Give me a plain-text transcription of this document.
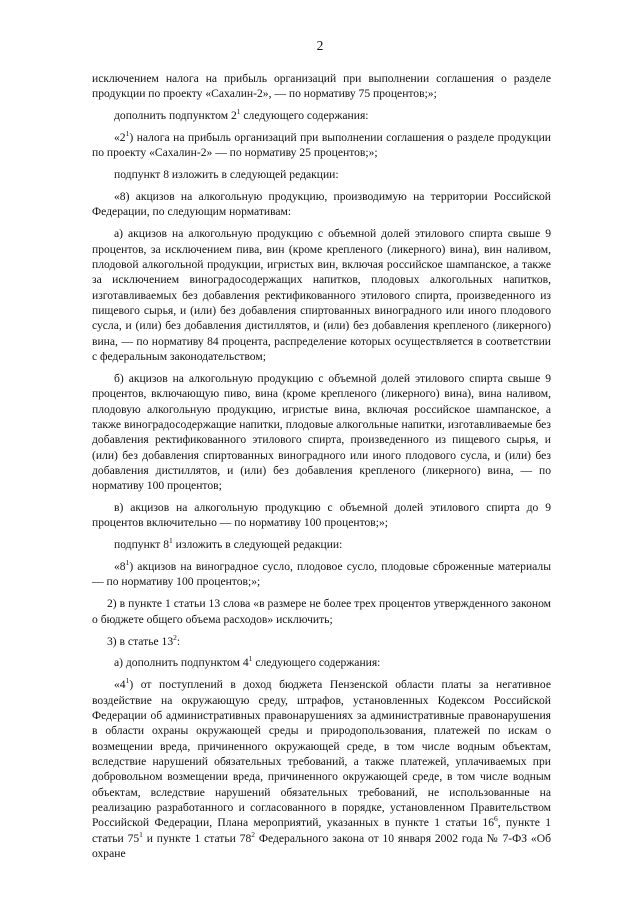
2

исключением налога на прибыль организаций при выполнении соглашения о разделе продукции по проекту «Сахалин-2», — по нормативу 75 процентов;»;

дополнить подпунктом $2^1$ следующего содержания:

«$2^1$) налога на прибыль организаций при выполнении соглашения о разделе продукции по проекту «Сахалин-2» — по нормативу 25 процентов;»;

подпункт 8 изложить в следующей редакции:

«8) акцизов на алкогольную продукцию, производимую на территории Российской Федерации, по следующим нормативам:

а) акцизов на алкогольную продукцию с объемной долей этилового спирта свыше 9 процентов, за исключением пива, вин (кроме крепленого (ликерного) вина), вин наливом, плодовой алкогольной продукции, игристых вин, включая российское шампанское, а также за исключением виноградосодержащих напитков, плодовых алкогольных напитков, изготавливаемых без добавления ректификованного этилового спирта, произведенного из пищевого сырья, и (или) без добавления спиртованных виноградного или иного плодового сусла, и (или) без добавления дистиллятов, и (или) без добавления крепленого (ликерного) вина, — по нормативу 84 процента, распределение которых осуществляется в соответствии с федеральным законодательством;

б) акцизов на алкогольную продукцию с объемной долей этилового спирта свыше 9 процентов, включающую пиво, вина (кроме крепленого (ликерного) вина), вина наливом, плодовую алкогольную продукцию, игристые вина, включая российское шампанское, а также виноградосодержащие напитки, плодовые алкогольные напитки, изготавливаемые без добавления ректификованного этилового спирта, произведенного из пищевого сырья, и (или) без добавления спиртованных виноградного или иного плодового сусла, и (или) без добавления дистиллятов, и (или) без добавления крепленого (ликерного) вина, — по нормативу 100 процентов;

в) акцизов на алкогольную продукцию с объемной долей этилового спирта до 9 процентов включительно — по нормативу 100 процентов;»;

подпункт $8^1$ изложить в следующей редакции:

«$8^1$) акцизов на виноградное сусло, плодовое сусло, плодовые сброженные материалы — по нормативу 100 процентов;»;

2) в пункте 1 статьи 13 слова «в размере не более трех процентов утвержденного законом о бюджете общего объема расходов» исключить;

3) в статье $13^2$:

а) дополнить подпунктом $4^1$ следующего содержания:

«$4^1$) от поступлений в доход бюджета Пензенской области платы за негативное воздействие на окружающую среду, штрафов, установленных Кодексом Российской Федерации об административных правонарушениях за административные правонарушения в области охраны окружающей среды и природопользования, платежей по искам о возмещении вреда, причиненного окружающей среде, в том числе водным объектам, вследствие нарушений обязательных требований, а также платежей, уплачиваемых при добровольном возмещении вреда, причиненного окружающей среде, в том числе водным объектам, вследствие нарушений обязательных требований, не использованные на реализацию разработанного и согласованного в порядке, установленном Правительством Российской Федерации, Плана мероприятий, указанных в пункте 1 статьи $16^6$, пункте 1 статьи $75^1$ и пункте 1 статьи $78^2$ Федерального закона от 10 января 2002 года № 7-ФЗ «Об охране
